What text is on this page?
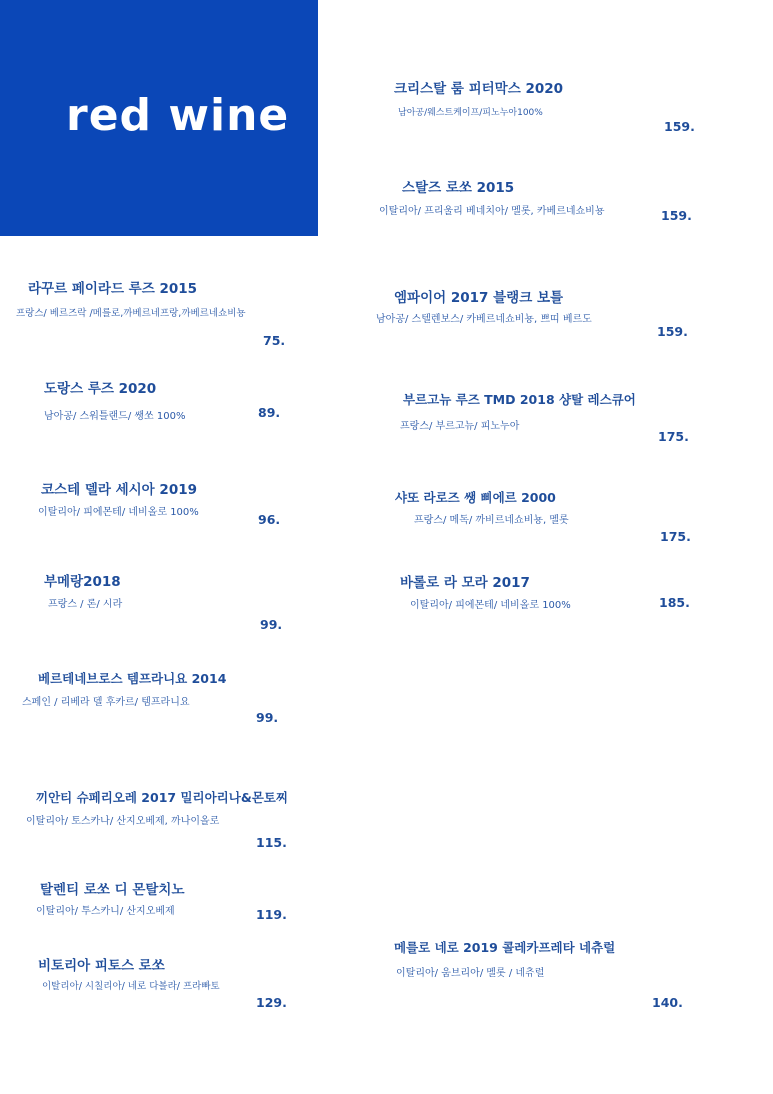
red wine
라꾸르 페이라드 루즈 2015
프랑스/ 베르즈락 /메를로,까베르네프랑,까베르네쇼비뇽
75.
도랑스 루즈 2020
남아공/ 스워틀랜드/ 쌩쏘 100%	89.
코스테 델라 세시아 2019
이탈리아/ 피에몬테/ 네비올로 100%	96.
부메랑2018
프랑스 / 론/ 시라
99.
베르테네브로스 템프라니요 2014
스페인 / 리베라 델 후카르/ 템프라니요
99.
끼안티 슈페리오레 2017 밀리아리나&몬토찌
이탈리아/ 토스카나/ 산지오베제, 까나이올로
115.
탈렌티 로쏘 디 몬탈치노
이탈리아/ 투스카니/ 산지오베제	119.
비토리아 피토스 로쏘
이탈리아/ 시칠리아/ 네로 다볼라/ 프라빠토
129.
크리스탈 룸 피터막스 2020
남아공/웨스트케이프/피노누아100%
159.
스탈즈 로쏘 2015
이탈리아/ 프리울리 베네치아/ 멜롯, 카베르네쇼비뇽	159.
엠파이어 2017 블랭크 보틀
남아공/ 스텔렌보스/ 카베르네쇼비뇽, 쁘띠 베르도
159.
부르고뉴 루즈 TMD 2018 샹탈 레스큐어
프랑스/ 부르고뉴/ 피노누아
175.
샤또 라로즈 쌩 삐에르 2000
프랑스/ 메독/ 까비르네쇼비뇽, 멜롯
175.
바롤로 라 모라 2017
이탈리아/ 피에몬테/ 네비올로 100%	185.
메를로 네로 2019 콜레카프레타 네츄럴
이탈리아/ 움브리아/ 멜롯 / 네츄럴
140.
